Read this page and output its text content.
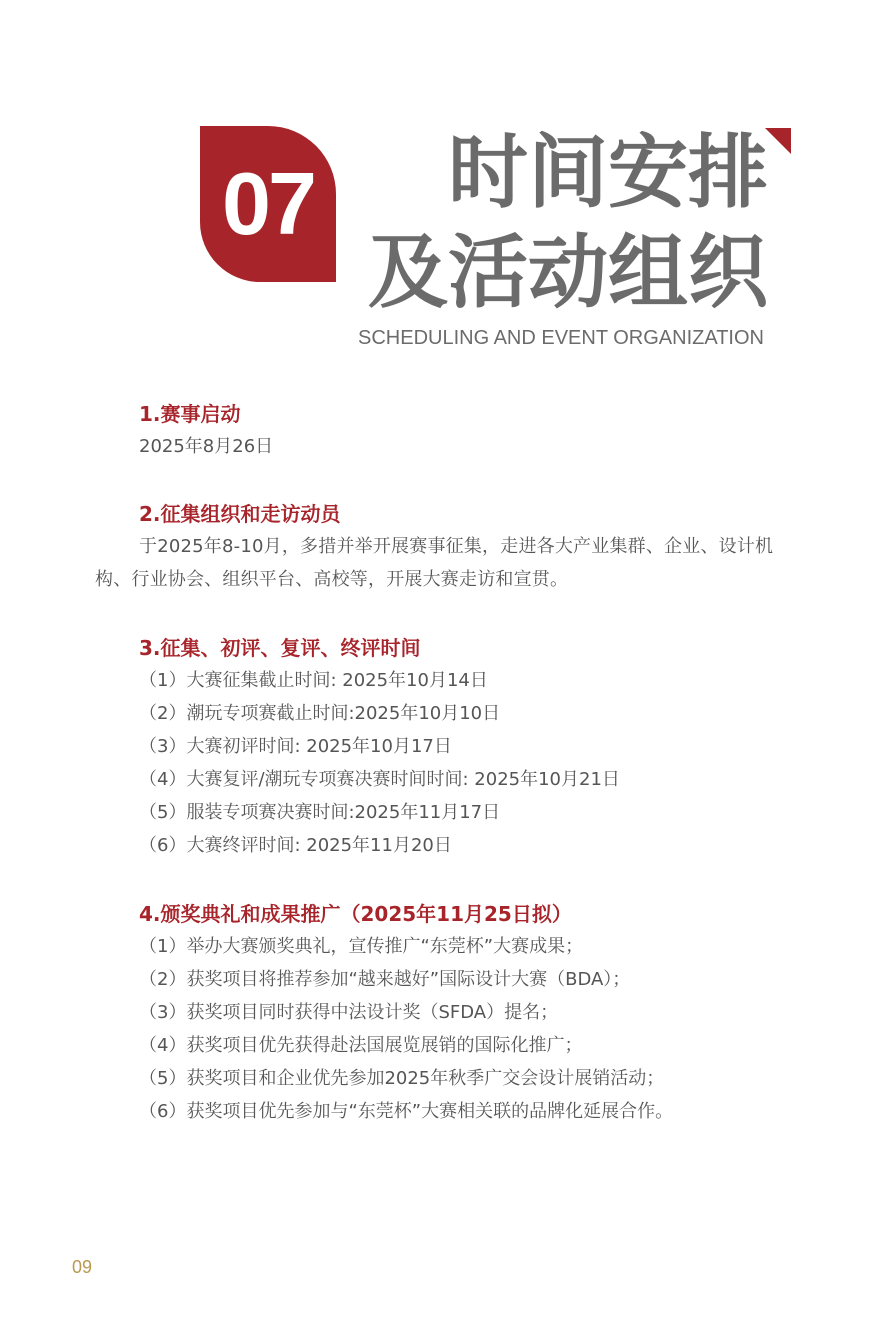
07 时间安排
及活动组织
SCHEDULING AND EVENT ORGANIZATION
1.赛事启动
2025年8月26日
2.征集组织和走访动员
于2025年8-10月，多措并举开展赛事征集，走进各大产业集群、企业、设计机构、行业协会、组织平台、高校等，开展大赛走访和宣贯。
3.征集、初评、复评、终评时间
（1）大赛征集截止时间: 2025年10月14日
（2）潮玩专项赛截止时间:2025年10月10日
（3）大赛初评时间: 2025年10月17日
（4）大赛复评/潮玩专项赛决赛时间时间: 2025年10月21日
（5）服装专项赛决赛时间:2025年11月17日
（6）大赛终评时间: 2025年11月20日
4.颁奖典礼和成果推广（2025年11月25日拟）
（1）举办大赛颁奖典礼，宣传推广“东莞杯”大赛成果；
（2）获奖项目将推荐参加“越来越好”国际设计大赛（BDA）；
（3）获奖项目同时获得中法设计奖（SFDA）提名；
（4）获奖项目优先获得赴法国展览展销的国际化推广；
（5）获奖项目和企业优先参加2025年秋季广交会设计展销活动；
（6）获奖项目优先参加与“东莞杯”大赛相关联的品牌化延展合作。
09
